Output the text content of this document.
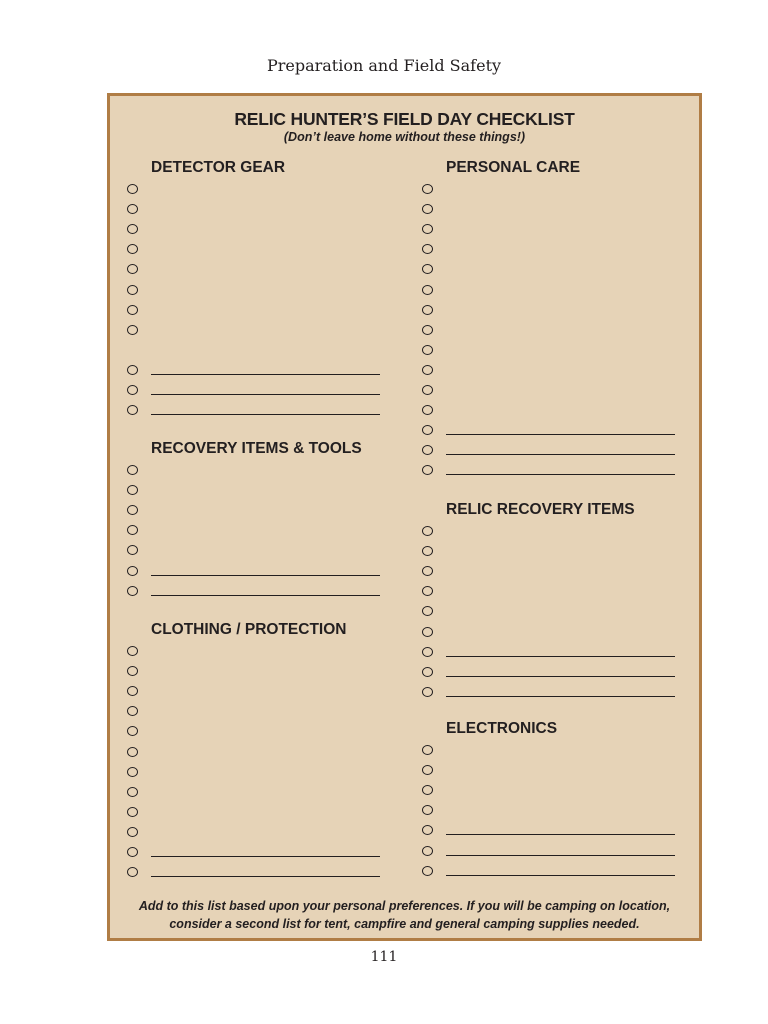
Preparation and Field Safety
RELIC HUNTER’S FIELD DAY CHECKLIST
(Don’t leave home without these things!)
DETECTOR GEAR
RECOVERY ITEMS & TOOLS
CLOTHING / PROTECTION
PERSONAL CARE
RELIC RECOVERY ITEMS
ELECTRONICS
Add to this list based upon your personal preferences. If you will be camping on location,
consider a second list for tent, campfire and general camping supplies needed.
111
